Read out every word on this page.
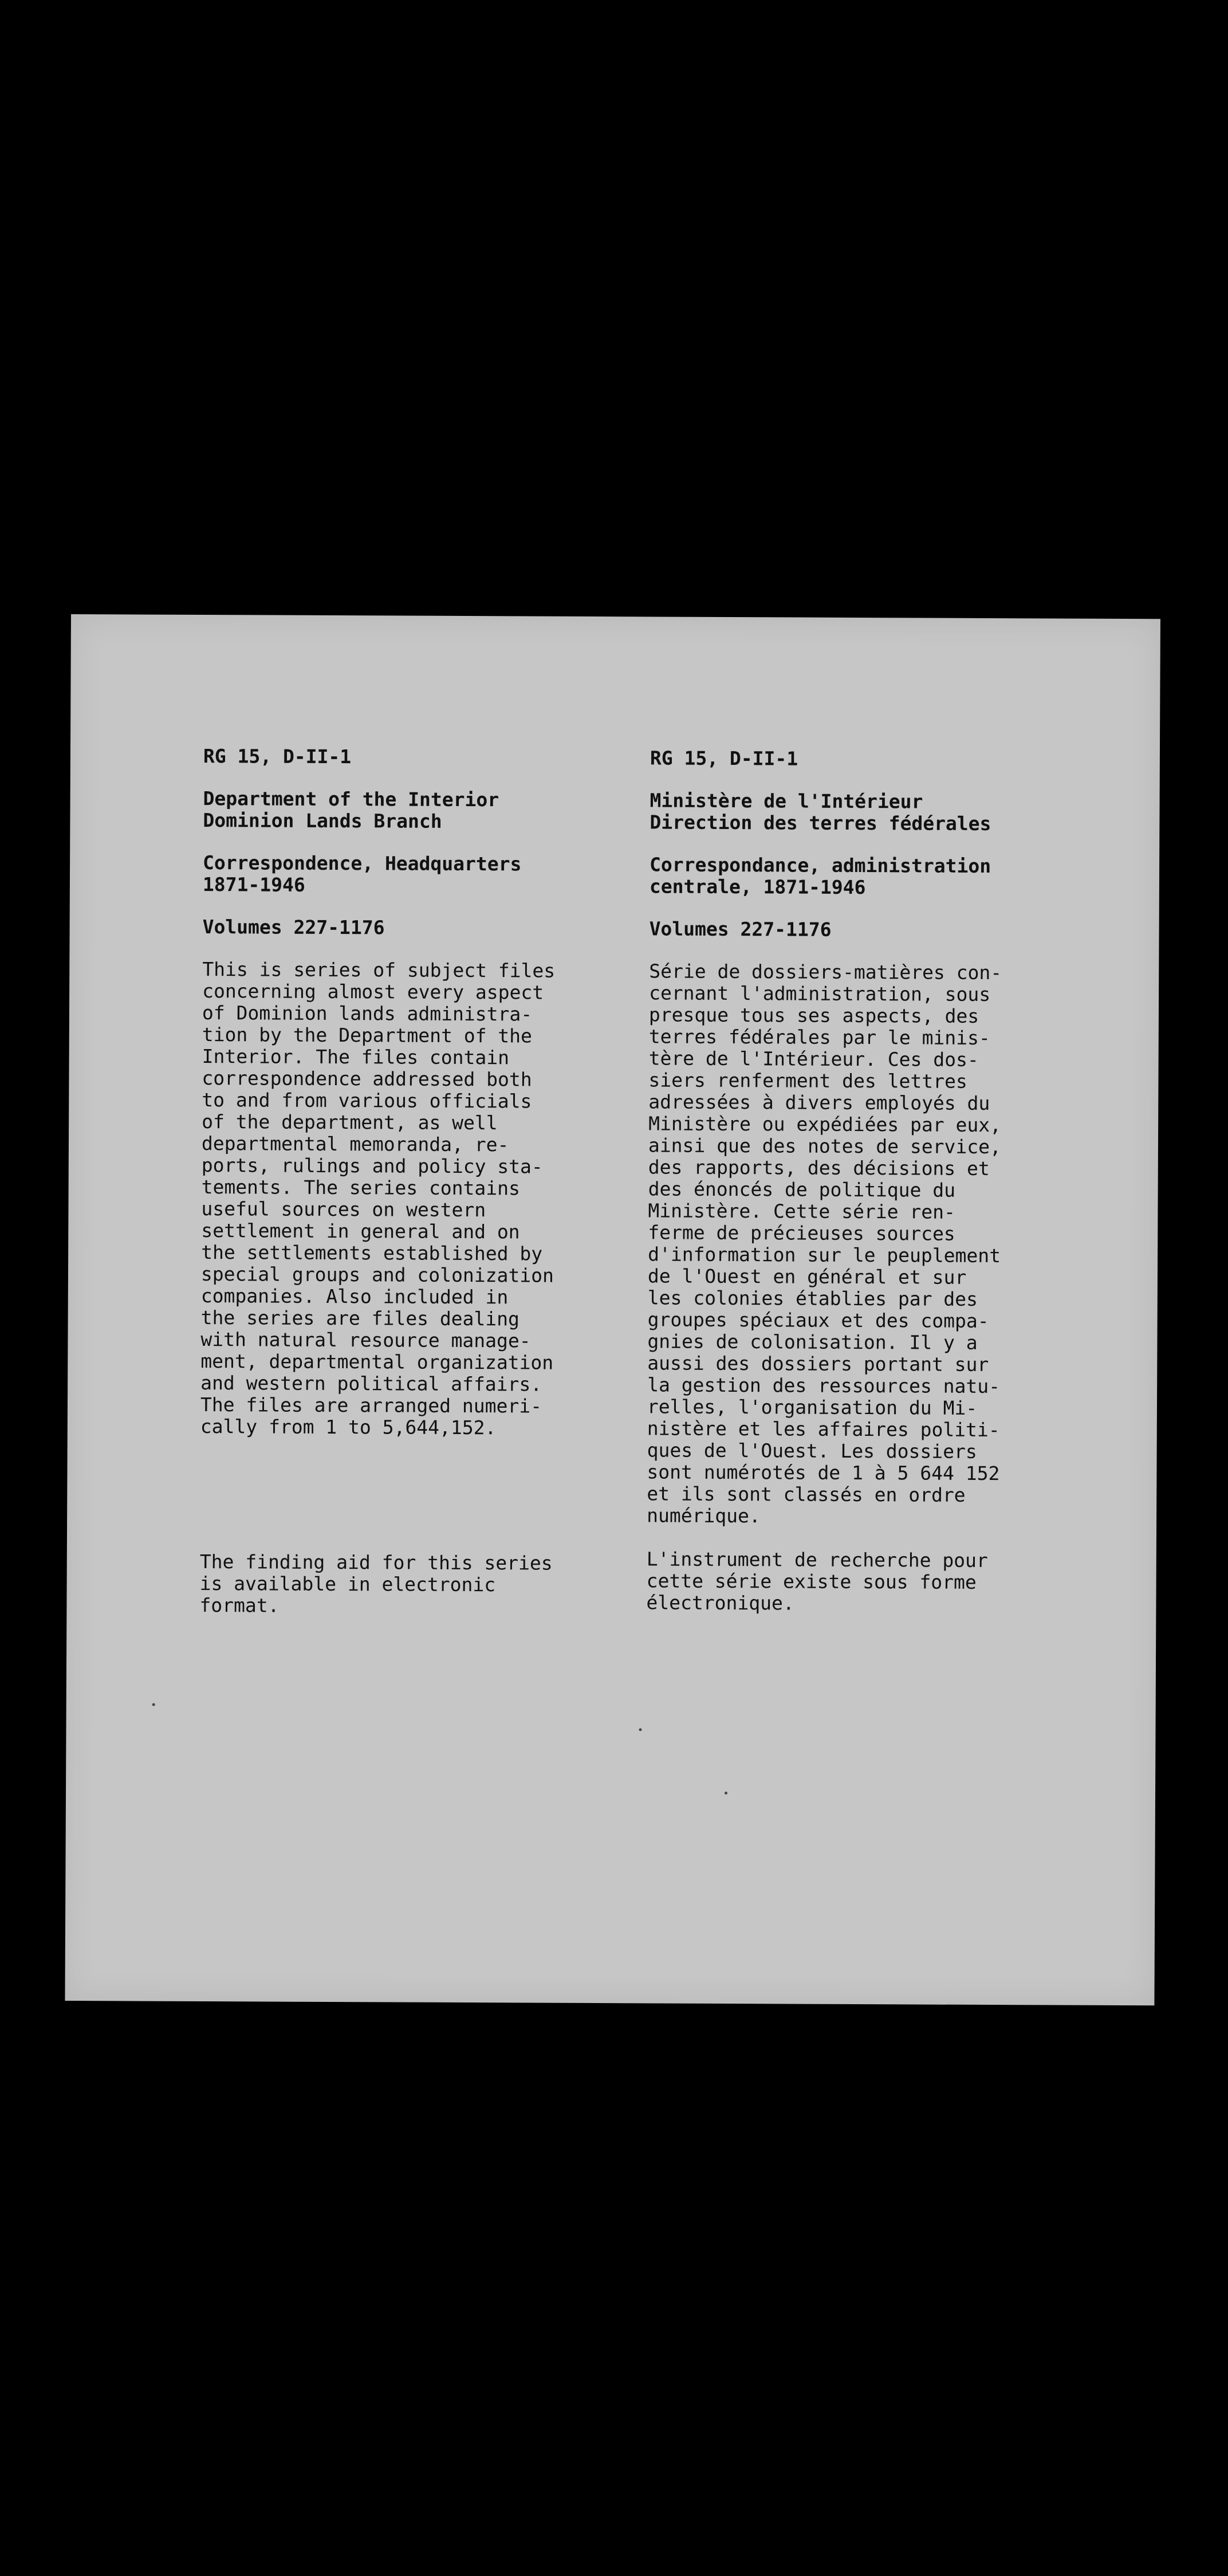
RG 15, D-II-1

Department of the Interior
Dominion Lands Branch

Correspondence, Headquarters
1871-1946

Volumes 227-1176

This is series of subject files
concerning almost every aspect
of Dominion lands administra-
tion by the Department of the
Interior. The files contain
correspondence addressed both
to and from various officials
of the department, as well
departmental memoranda, re-
ports, rulings and policy sta-
tements. The series contains
useful sources on western
settlement in general and on
the settlements established by
special groups and colonization
companies. Also included in
the series are files dealing
with natural resource manage-
ment, departmental organization
and western political affairs.
The files are arranged numeri-
cally from 1 to 5,644,152.

The finding aid for this series
is available in electronic
format.

RG 15, D-II-1

Ministère de l'Intérieur
Direction des terres fédérales

Correspondance, administration
centrale, 1871-1946

Volumes 227-1176

Série de dossiers-matières con-
cernant l'administration, sous
presque tous ses aspects, des
terres fédérales par le minis-
tère de l'Intérieur. Ces dos-
siers renferment des lettres
adressées à divers employés du
Ministère ou expédiées par eux,
ainsi que des notes de service,
des rapports, des décisions et
des énoncés de politique du
Ministère. Cette série ren-
ferme de précieuses sources
d'information sur le peuplement
de l'Ouest en général et sur
les colonies établies par des
groupes spéciaux et des compa-
gnies de colonisation. Il y a
aussi des dossiers portant sur
la gestion des ressources natu-
relles, l'organisation du Mi-
nistère et les affaires politi-
ques de l'Ouest. Les dossiers
sont numérotés de 1 à 5 644 152
et ils sont classés en ordre
numérique.

L'instrument de recherche pour
cette série existe sous forme
électronique.
